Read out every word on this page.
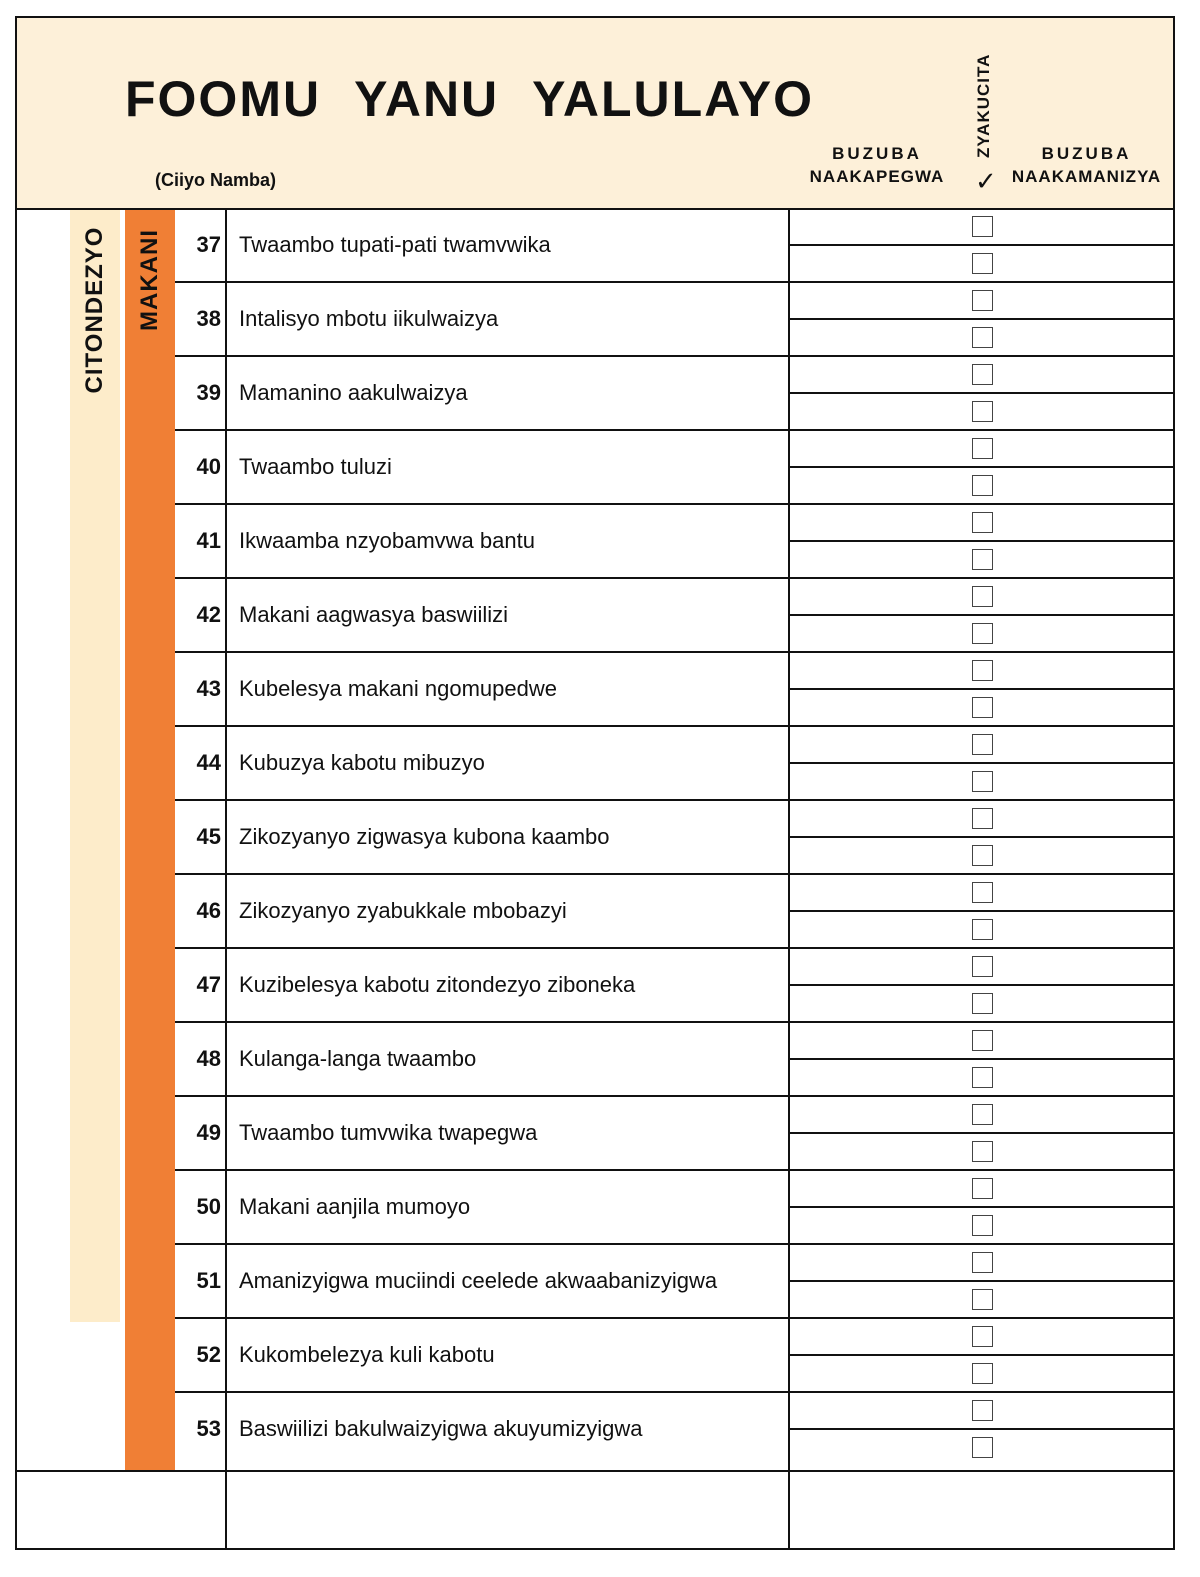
FOOMU YANU YALULAYO
(Ciiyo Namba)
BUZUBA
NAAKAPEGWA
ZYAKUCITA
✓
BUZUBA
NAAKAMANIZYA
CITONDEZYO	MAKANI	37 Twaambo tupati-pati twamvwika
38 Intalisyo mbotu iikulwaizya
39 Mamanino aakulwaizya
40 Twaambo tuluzi
41 Ikwaamba nzyobamvwa bantu
42 Makani aagwasya baswiilizi
43 Kubelesya makani ngomupedwe
44 Kubuzya kabotu mibuzyo
45 Zikozyanyo zigwasya kubona kaambo
46 Zikozyanyo zyabukkale mbobazyi
47 Kuzibelesya kabotu zitondezyo ziboneka
48 Kulanga-langa twaambo
49 Twaambo tumvwika twapegwa
50 Makani aanjila mumoyo
51 Amanizyigwa muciindi ceelede akwaabanizyigwa
52 Kukombelezya kuli kabotu
53 Baswiilizi bakulwaizyigwa akuyumizyigwa
